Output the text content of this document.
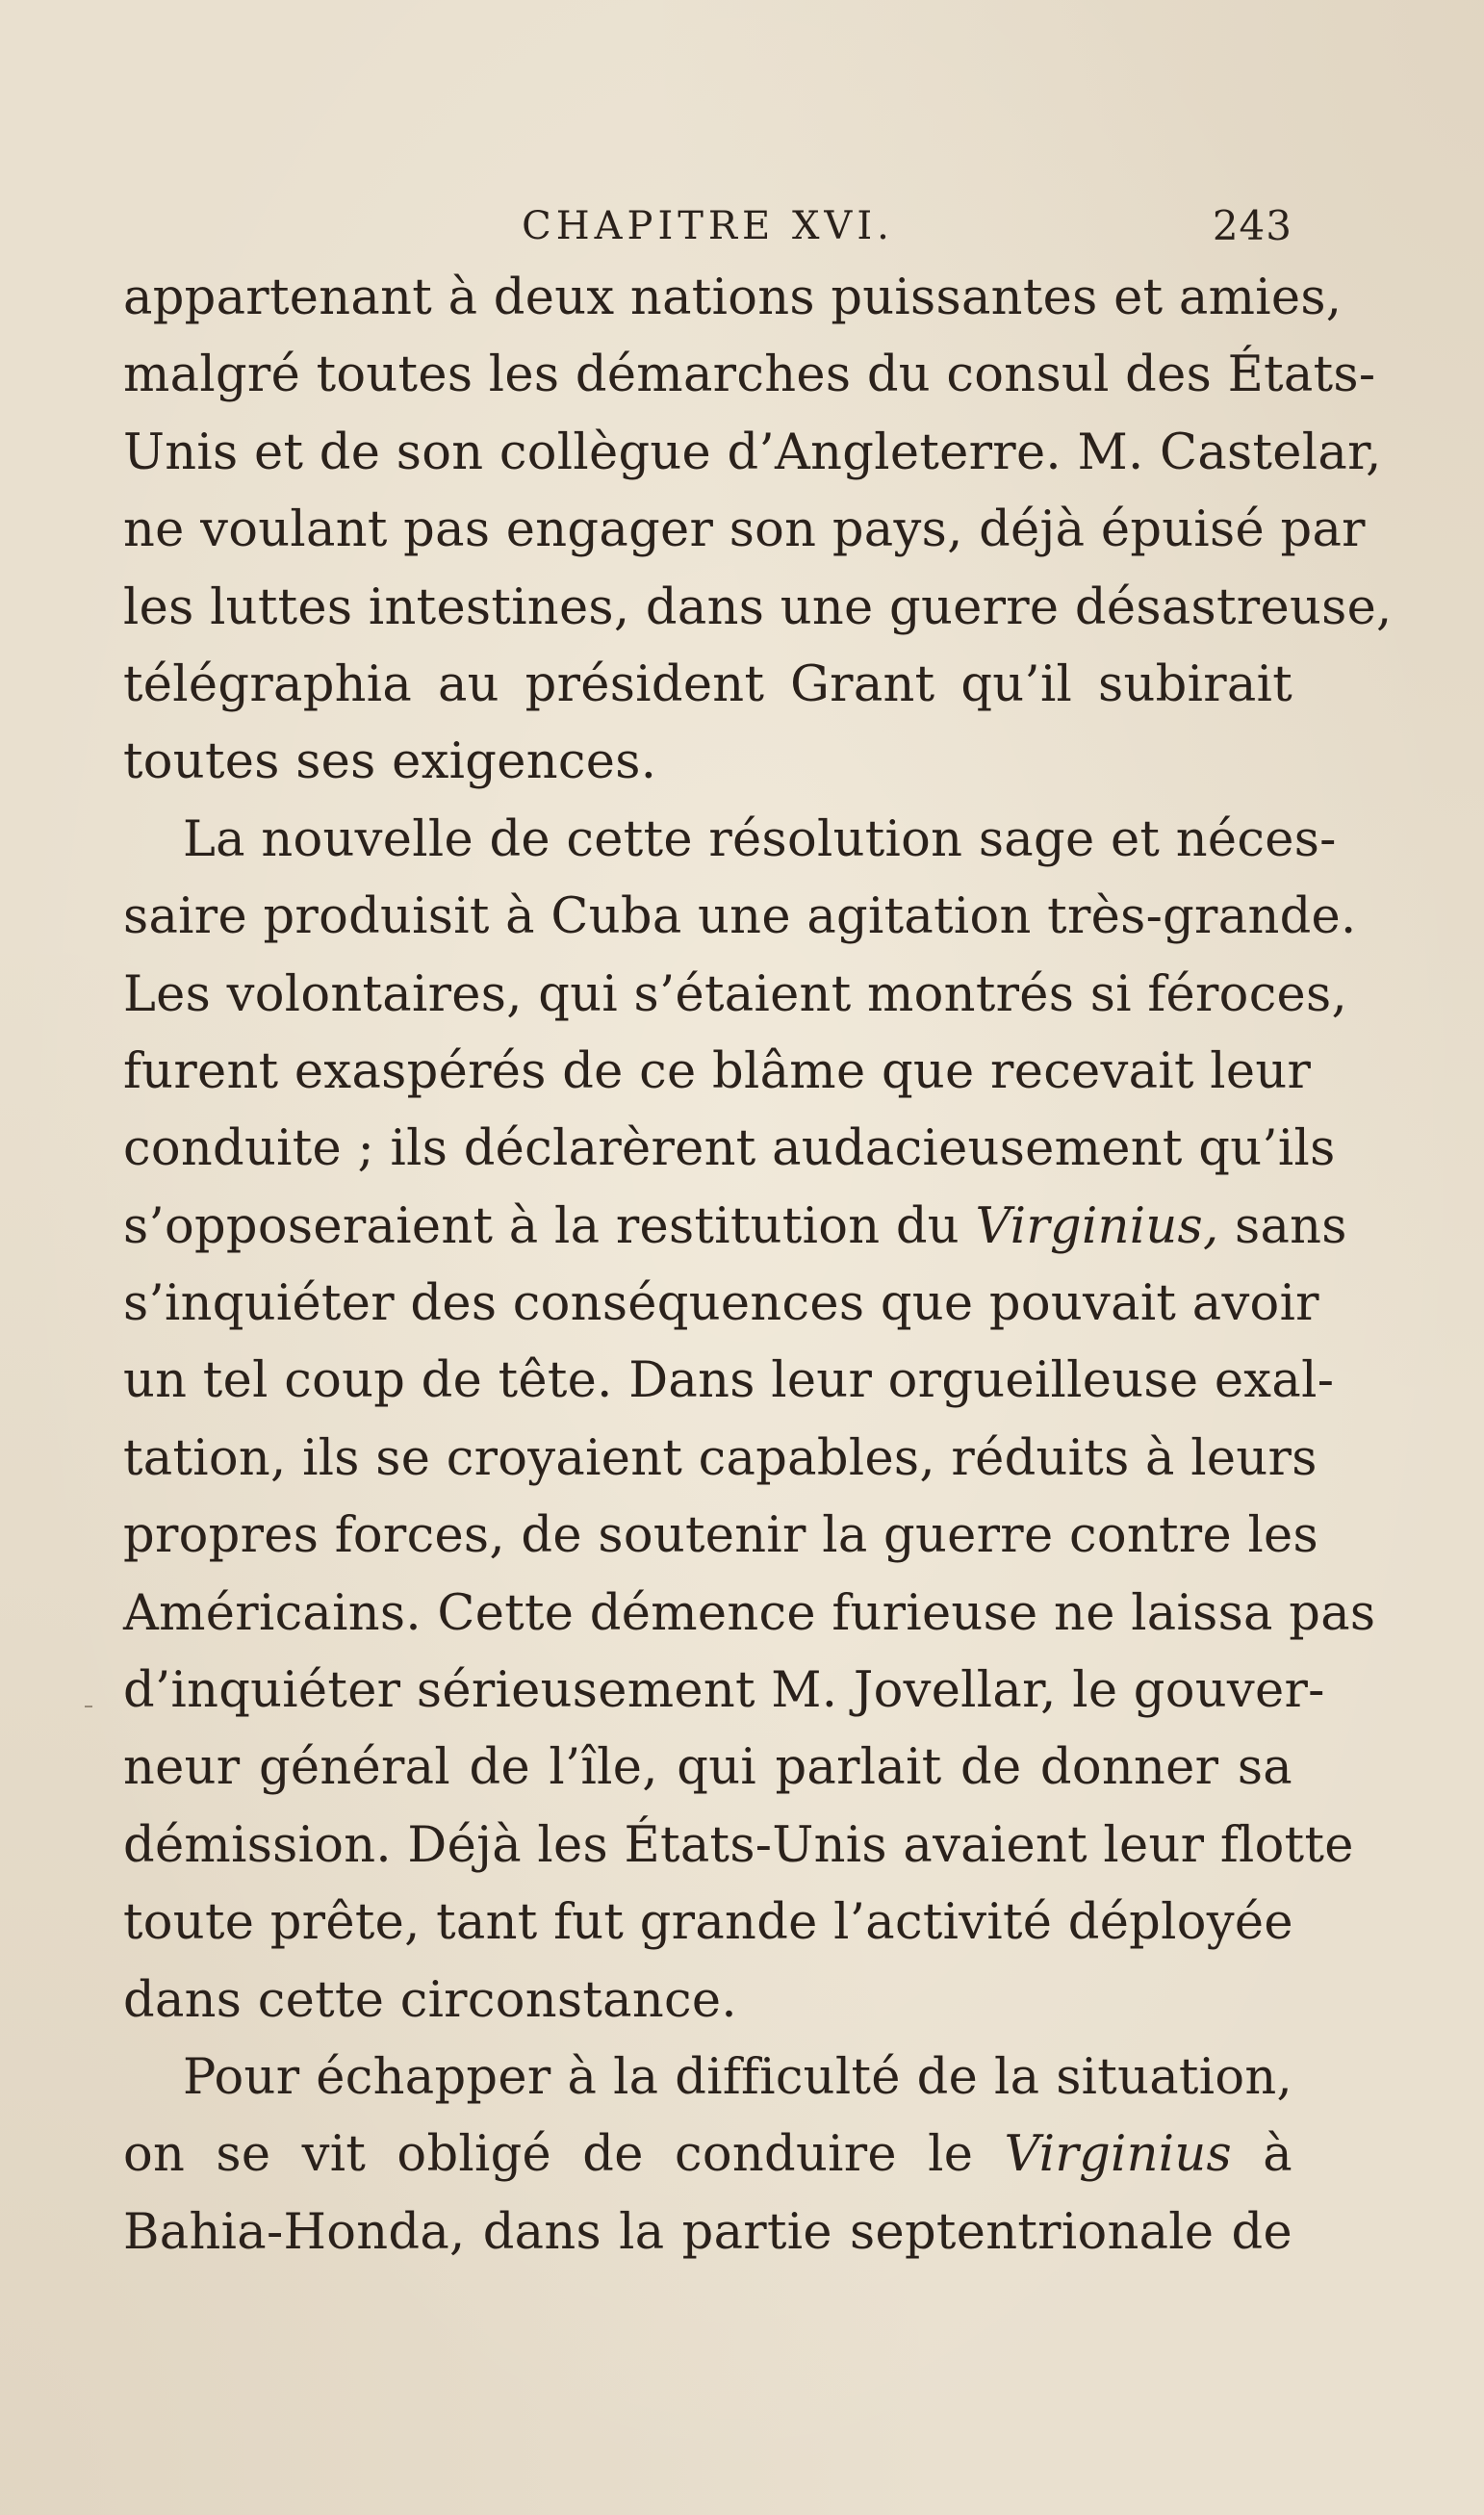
CHAPITRE XVI.	243
appartenant à deux nations puissantes et amies,
malgré toutes les démarches du consul des États-
Unis et de son collègue d’Angleterre. M. Castelar,
ne voulant pas engager son pays, déjà épuisé par
les luttes intestines, dans une guerre désastreuse,
télégraphia au président Grant qu’il subirait
toutes ses exigences.
La nouvelle de cette résolution sage et néces-
saire produisit à Cuba une agitation très-grande.
Les volontaires, qui s’étaient montrés si féroces,
furent exaspérés de ce blâme que recevait leur
conduite ; ils déclarèrent audacieusement qu’ils
s’opposeraient à la restitution du Virginius, sans
s’inquiéter des conséquences que pouvait avoir
un tel coup de tête. Dans leur orgueilleuse exal-
tation, ils se croyaient capables, réduits à leurs
propres forces, de soutenir la guerre contre les
Américains. Cette démence furieuse ne laissa pas
d’inquiéter sérieusement M. Jovellar, le gouver-
neur général de l’île, qui parlait de donner sa
démission. Déjà les États-Unis avaient leur flotte
toute prête, tant fut grande l’activité déployée
dans cette circonstance.
Pour échapper à la difficulté de la situation,
on se vit obligé de conduire le Virginius à
Bahia-Honda, dans la partie septentrionale de
